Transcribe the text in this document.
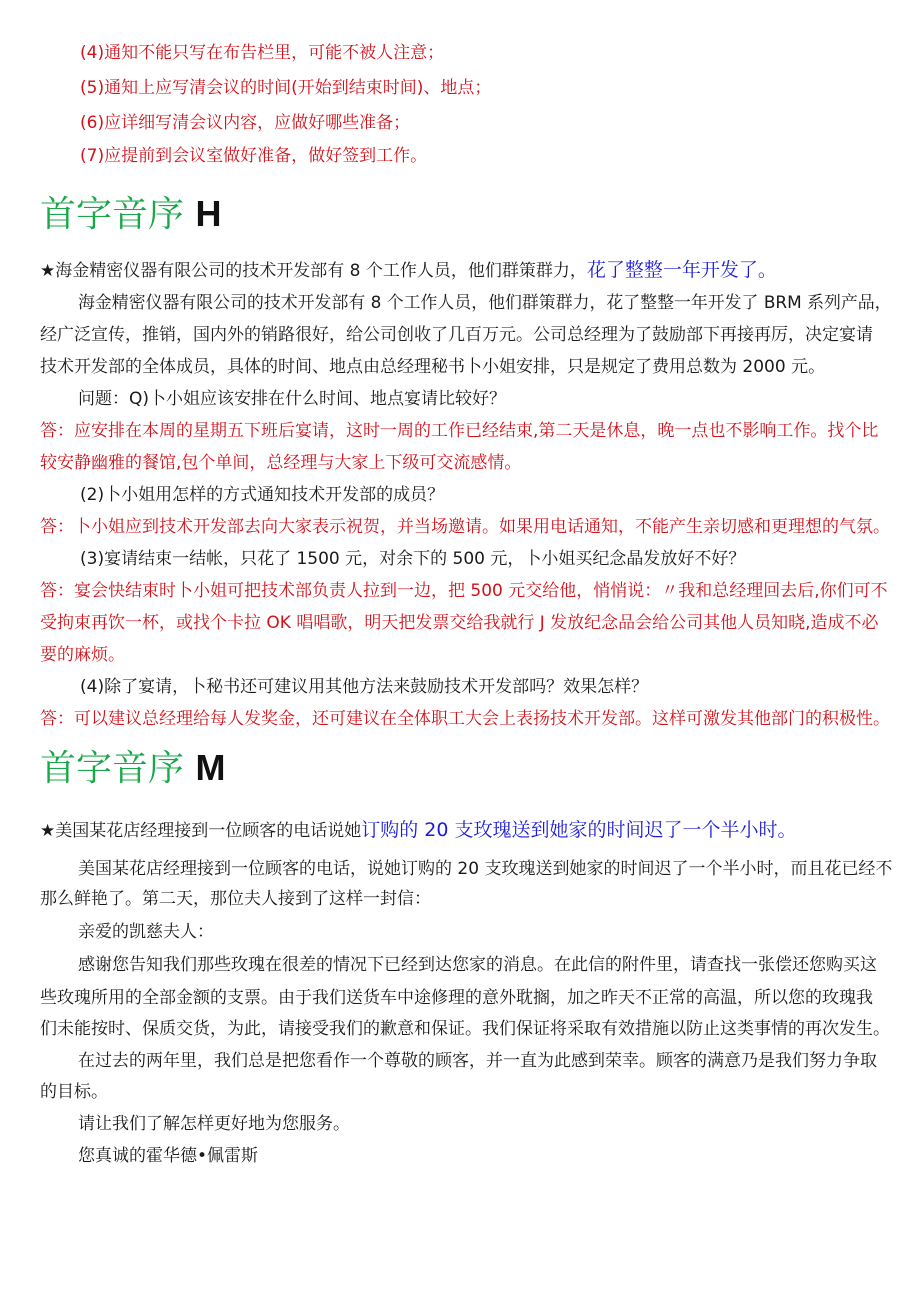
(4)通知不能只写在布告栏里，可能不被人注意；
(5)通知上应写清会议的时间(开始到结束时间)、地点；
(6)应详细写清会议内容，应做好哪些准备；
(7)应提前到会议室做好准备，做好签到工作。
首字音序 H
★海金精密仪器有限公司的技术开发部有 8 个工作人员，他们群策群力，花了整整一年开发了。
海金精密仪器有限公司的技术开发部有 8 个工作人员，他们群策群力，花了整整一年开发了 BRM 系列产品，
经广泛宣传，推销，国内外的销路很好，给公司创收了几百万元。公司总经理为了鼓励部下再接再厉，决定宴请
技术开发部的全体成员，具体的时间、地点由总经理秘书卜小姐安排，只是规定了费用总数为 2000 元。
问题：Q)卜小姐应该安排在什么时间、地点宴请比较好？
答：应安排在本周的星期五下班后宴请，这时一周的工作已经结束,第二天是休息，晚一点也不影响工作。找个比
较安静幽雅的餐馆,包个单间，总经理与大家上下级可交流感情。
(2)卜小姐用怎样的方式通知技术开发部的成员？
答：卜小姐应到技术开发部去向大家表示祝贺，并当场邀请。如果用电话通知，不能产生亲切感和更理想的气氛。
(3)宴请结束一结帐，只花了 1500 元，对余下的 500 元，卜小姐买纪念晶发放好不好？
答：宴会快结束时卜小姐可把技术部负责人拉到一边，把 500 元交给他，悄悄说：〃我和总经理回去后,你们可不
受拘束再饮一杯，或找个卡拉 OK 唱唱歌，明天把发票交给我就行 J 发放纪念品会给公司其他人员知晓,造成不必
要的麻烦。
(4)除了宴请，卜秘书还可建议用其他方法来鼓励技术开发部吗？效果怎样？
答：可以建议总经理给每人发奖金，还可建议在全体职工大会上表扬技术开发部。这样可激发其他部门的积极性。
首字音序 M
★美国某花店经理接到一位顾客的电话说她订购的 20 支玫瑰送到她家的时间迟了一个半小时。
美国某花店经理接到一位顾客的电话，说她订购的 20 支玫瑰送到她家的时间迟了一个半小时，而且花已经不
那么鲜艳了。第二天，那位夫人接到了这样一封信：
亲爱的凯慈夫人：
感谢您告知我们那些玫瑰在很差的情况下已经到达您家的消息。在此信的附件里，请查找一张偿还您购买这
些玫瑰所用的全部金额的支票。由于我们送货车中途修理的意外耽搁，加之昨天不正常的高温，所以您的玫瑰我
们未能按时、保质交货，为此，请接受我们的歉意和保证。我们保证将采取有效措施以防止这类事情的再次发生。
在过去的两年里，我们总是把您看作一个尊敬的顾客，并一直为此感到荣幸。顾客的满意乃是我们努力争取
的目标。
请让我们了解怎样更好地为您服务。
您真诚的霍华德•佩雷斯
